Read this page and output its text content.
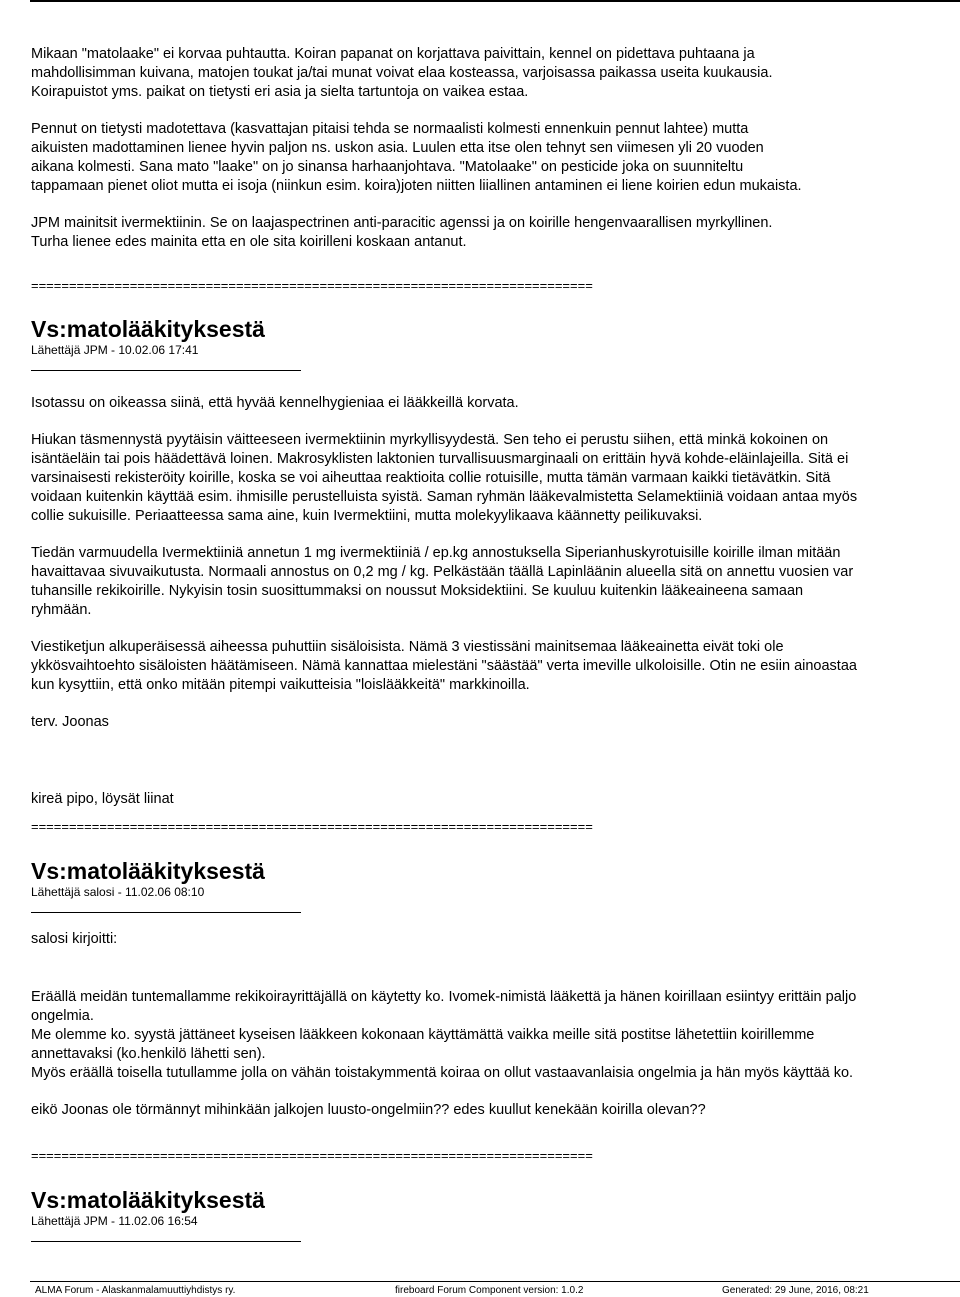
Mikaan "matolaake" ei korvaa puhtautta. Koiran papanat on korjattava paivittain, kennel on pidettava puhtaana ja
mahdollisimman kuivana, matojen toukat ja/tai munat voivat elaa kosteassa, varjoisassa paikassa useita kuukausia.
Koirapuistot yms. paikat on tietysti eri asia ja sielta tartuntoja on vaikea estaa.

Pennut on tietysti madotettava (kasvattajan pitaisi tehda se normaalisti kolmesti ennenkuin pennut lahtee) mutta
aikuisten madottaminen lienee hyvin paljon ns. uskon asia. Luulen etta itse olen tehnyt sen viimesen yli 20 vuoden
aikana kolmesti. Sana mato "laake" on jo sinansa harhaanjohtava. "Matolaake" on pesticide joka on suunniteltu
tappamaan pienet oliot mutta ei isoja (niinkun esim. koira)joten niitten liiallinen antaminen ei liene koirien edun mukaista.

JPM mainitsit ivermektiinin. Se on laajaspectrinen anti-paracitic agenssi ja on koirille hengenvaarallisen myrkyllinen.
Turha lienee edes mainita etta en ole sita koirilleni koskaan antanut.

==========================================================================
Vs:matolääkityksestä
Lähettäjä JPM - 10.02.06 17:41

Isotassu on oikeassa siinä, että hyvää kennelhygieniaa ei lääkkeillä korvata.

Hiukan täsmennystä pyytäisin väitteeseen ivermektiinin myrkyllisyydestä. Sen teho ei perustu siihen, että minkä kokoinen on
isäntäeläin tai pois häädettävä loinen. Makrosyklisten laktonien turvallisuusmarginaali on erittäin hyvä kohde-eläinlajeilla. Sitä ei
varsinaisesti rekisteröity koirille, koska se voi aiheuttaa reaktioita collie rotuisille, mutta tämän varmaan kaikki tietävätkin. Sitä
voidaan kuitenkin käyttää esim. ihmisille perustelluista syistä. Saman ryhmän lääkevalmistetta Selamektiiniä voidaan antaa myös
collie sukuisille. Periaatteessa sama aine, kuin Ivermektiini, mutta molekyylikaava käännetty peilikuvaksi.

Tiedän varmuudella Ivermektiiniä annetun 1 mg ivermektiiniä / ep.kg annostuksella Siperianhuskyrotuisille koirille ilman mitään
havaittavaa sivuvaikutusta. Normaali annostus on 0,2 mg / kg. Pelkästään täällä Lapinläänin alueella sitä on annettu vuosien var
tuhansille rekikoirille. Nykyisin tosin suosittummaksi on noussut Moksidektiini. Se kuuluu kuitenkin lääkeaineena samaan
ryhmään.

Viestiketjun alkuperäisessä aiheessa puhuttiin sisäloisista. Nämä 3 viestissäni mainitsemaa lääkeainetta eivät toki ole
ykkösvaihtoehto sisäloisten häätämiseen. Nämä kannattaa mielestäni "säästää" verta imeville ulkoloisille. Otin ne esiin ainoastaa
kun kysyttiin, että onko mitään pitempi vaikutteisia "loislääkkeitä" markkinoilla.

terv. Joonas

kireä pipo, löysät liinat

==========================================================================
Vs:matolääkityksestä
Lähettäjä salosi - 11.02.06 08:10

salosi kirjoitti:

Eräällä meidän tuntemallamme rekikoirayrittäjällä on käytetty ko. Ivomek-nimistä lääkettä ja hänen koirillaan esiintyy erittäin paljo
ongelmia.
Me olemme ko. syystä jättäneet kyseisen lääkkeen kokonaan käyttämättä vaikka meille sitä postitse lähetettiin koirillemme
annettavaksi (ko.henkilö lähetti sen).
Myös eräällä toisella tutullamme jolla on vähän toistakymmentä koiraa on ollut vastaavanlaisia ongelmia ja hän myös käyttää ko.

eikö Joonas ole törmännyt mihinkään jalkojen luusto-ongelmiin?? edes kuullut kenekään koirilla olevan??

==========================================================================
Vs:matolääkityksestä
Lähettäjä JPM - 11.02.06 16:54
ALMA Forum - Alaskanmalamuuttiyhdistys ry.	fireboard Forum Component version: 1.0.2	Generated: 29 June, 2016, 08:21
